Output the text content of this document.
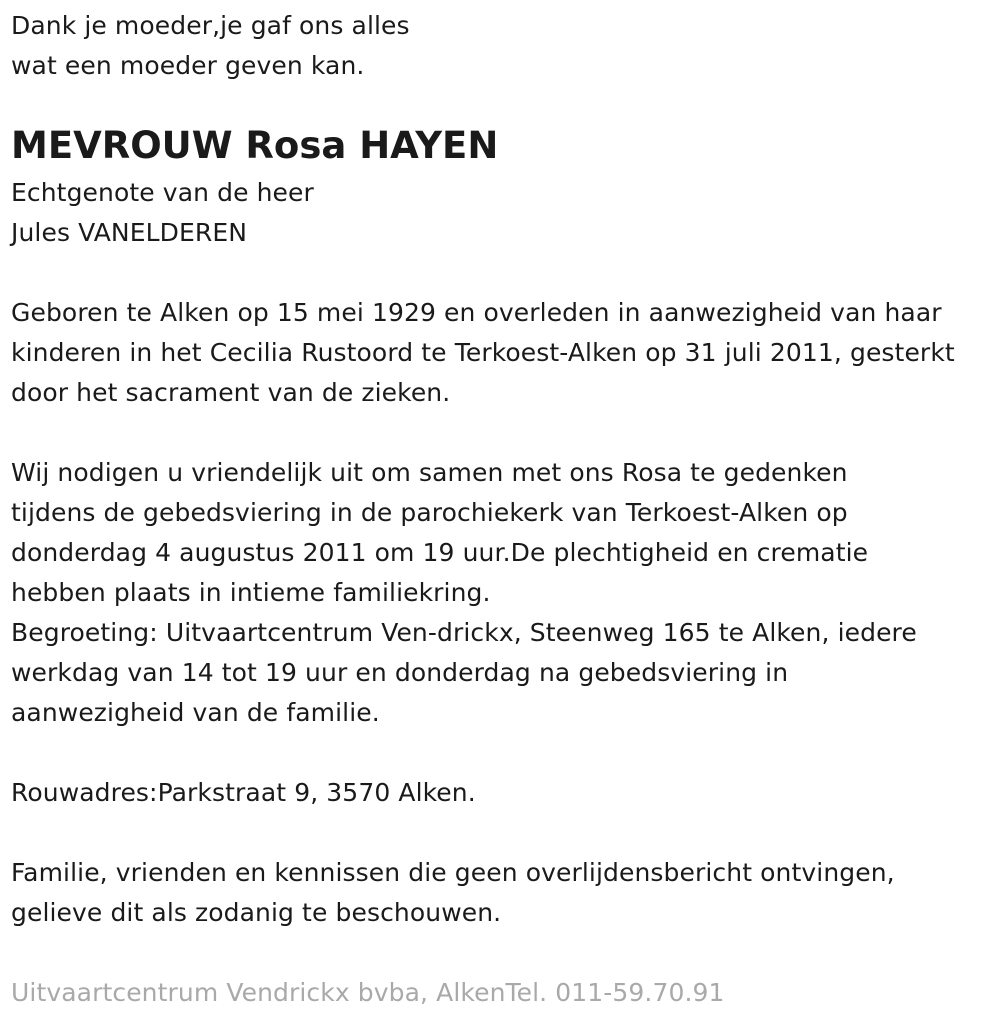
Dank je moeder,je gaf ons alles
wat een moeder geven kan.

MEVROUW Rosa HAYEN

Echtgenote van de heer
Jules VANELDEREN

Geboren te Alken op 15 mei 1929 en overleden in aanwezigheid van haar
kinderen in het Cecilia Rustoord te Terkoest-Alken op 31 juli 2011, gesterkt
door het sacrament van de zieken.

Wij nodigen u vriendelijk uit om samen met ons Rosa te gedenken
tijdens de gebedsviering in de parochiekerk van Terkoest-Alken op
donderdag 4 augustus 2011 om 19 uur.De plechtigheid en crematie
hebben plaats in intieme familiekring.
Begroeting: Uitvaartcentrum Ven-drickx, Steenweg 165 te Alken, iedere
werkdag van 14 tot 19 uur en donderdag na gebedsviering in
aanwezigheid van de familie.

Rouwadres:Parkstraat 9, 3570 Alken.

Familie, vrienden en kennissen die geen overlijdensbericht ontvingen,
gelieve dit als zodanig te beschouwen.

Uitvaartcentrum Vendrickx bvba, AlkenTel. 011-59.70.91
